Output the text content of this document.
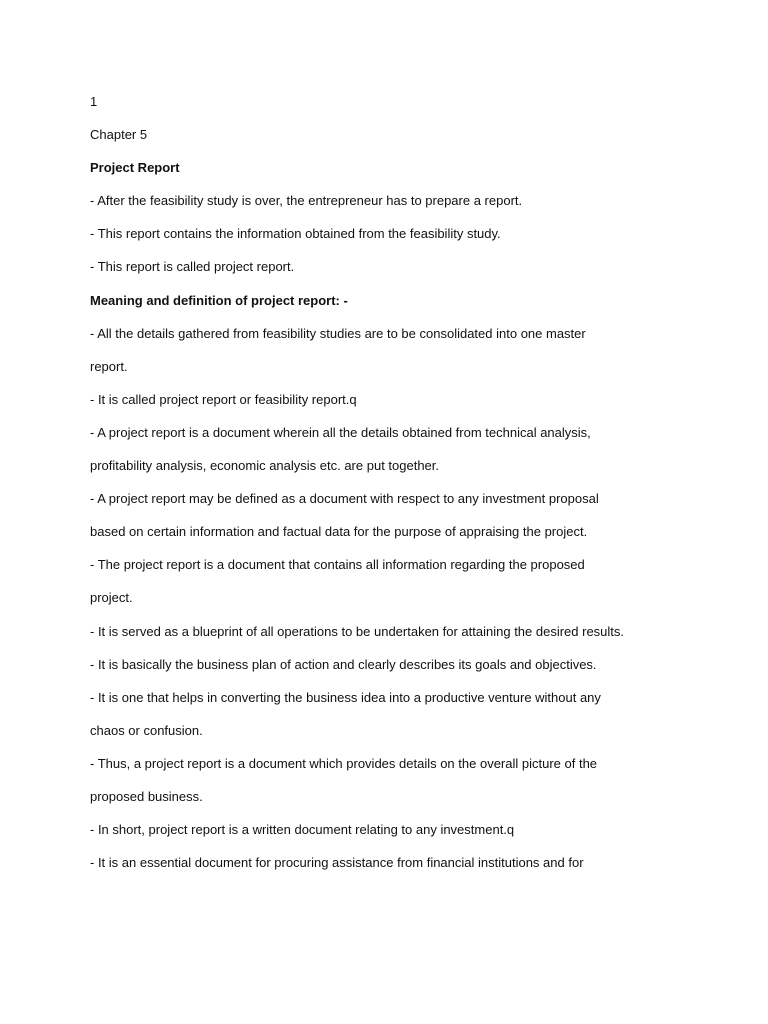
1
Chapter 5
Project Report
- After the feasibility study is over, the entrepreneur has to prepare a report.
- This report contains the information obtained from the feasibility study.
- This report is called project report.
Meaning and definition of project report: -
- All the details gathered from feasibility studies are to be consolidated into one master
report.
- It is called project report or feasibility report.q
- A project report is a document wherein all the details obtained from technical analysis,
profitability analysis, economic analysis etc. are put together.
- A project report may be defined as a document with respect to any investment proposal
based on certain information and factual data for the purpose of appraising the project.
- The project report is a document that contains all information regarding the proposed
project.
- It is served as a blueprint of all operations to be undertaken for attaining the desired results.
- It is basically the business plan of action and clearly describes its goals and objectives.
- It is one that helps in converting the business idea into a productive venture without any
chaos or confusion.
- Thus, a project report is a document which provides details on the overall picture of the
proposed business.
- In short, project report is a written document relating to any investment.q
- It is an essential document for procuring assistance from financial institutions and for
